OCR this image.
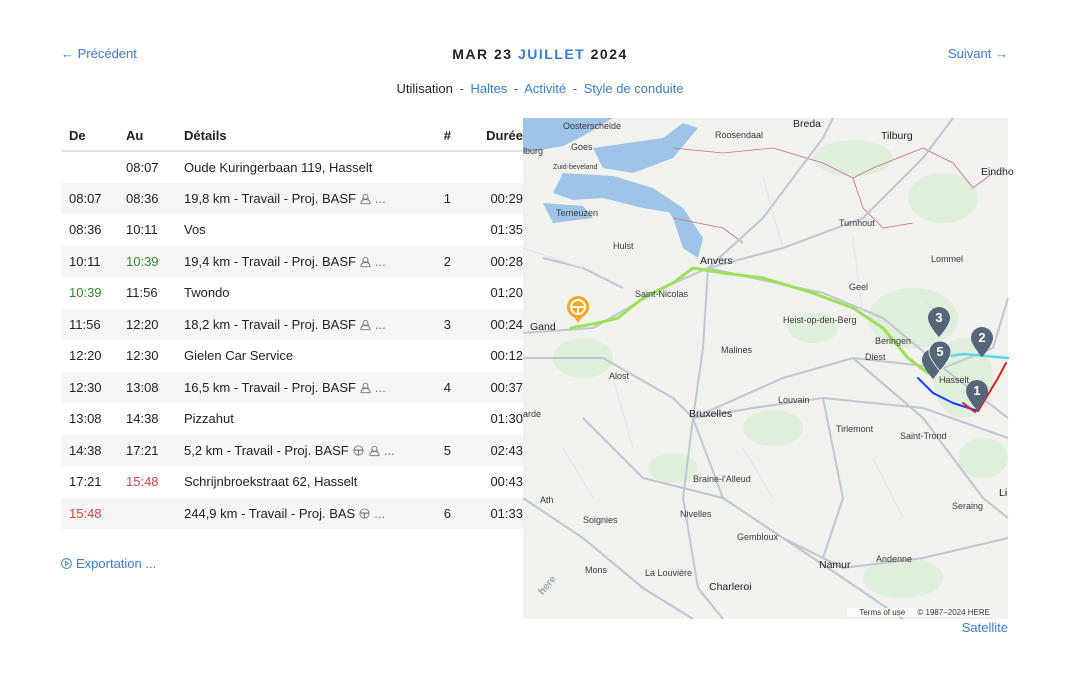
← Précédent	MAR 23 JUILLET 2024	Suivant →
Utilisation - Haltes - Activité - Style de conduite
De	Au	Détails	#	Durée
	08:07	Oude Kuringerbaan 119, Hasselt		
08:07	08:36	19,8 km - Travail - Proj. BASF ...	1	00:29
08:36	10:11	Vos		01:35
10:11	10:39	19,4 km - Travail - Proj. BASF ...	2	00:28
10:39	11:56	Twondo		01:20
11:56	12:20	18,2 km - Travail - Proj. BASF ...	3	00:24
12:20	12:30	Gielen Car Service		00:12
12:30	13:08	16,5 km - Travail - Proj. BASF ...	4	00:37
13:08	14:38	Pizzahut		01:30
14:38	17:21	5,2 km - Travail - Proj. BASF ...	5	02:43
17:21	15:48	Schrijnbroekstraat 62, Hasselt		00:43
15:48		244,9 km - Travail - Proj. BAS ...	6	01:33
Exportation ...
Oosterschelde
Goes
Zuid-beveland
Roosendaal
Breda
Tilburg
Eindho
lburg
Terneuzen
Hulst
Anvers
Turnhout
Lommel
Saint-Nicolas
Geel
Gand
Heist-op-den-Berg
Beringen
Malines
Diest
Hasselt
Alost
Louvain
Bruxelles
Tirlemont
Saint-Trond
Braine-l'Alleud
Ath
Soignies
Nivelles
Gembloux
Namur	Andenne
Seraing
Mons	La Louvière
Charleroi
Li
arde
3
2
5
1
here
Terms of use © 1987–2024 HERE
Satellite
